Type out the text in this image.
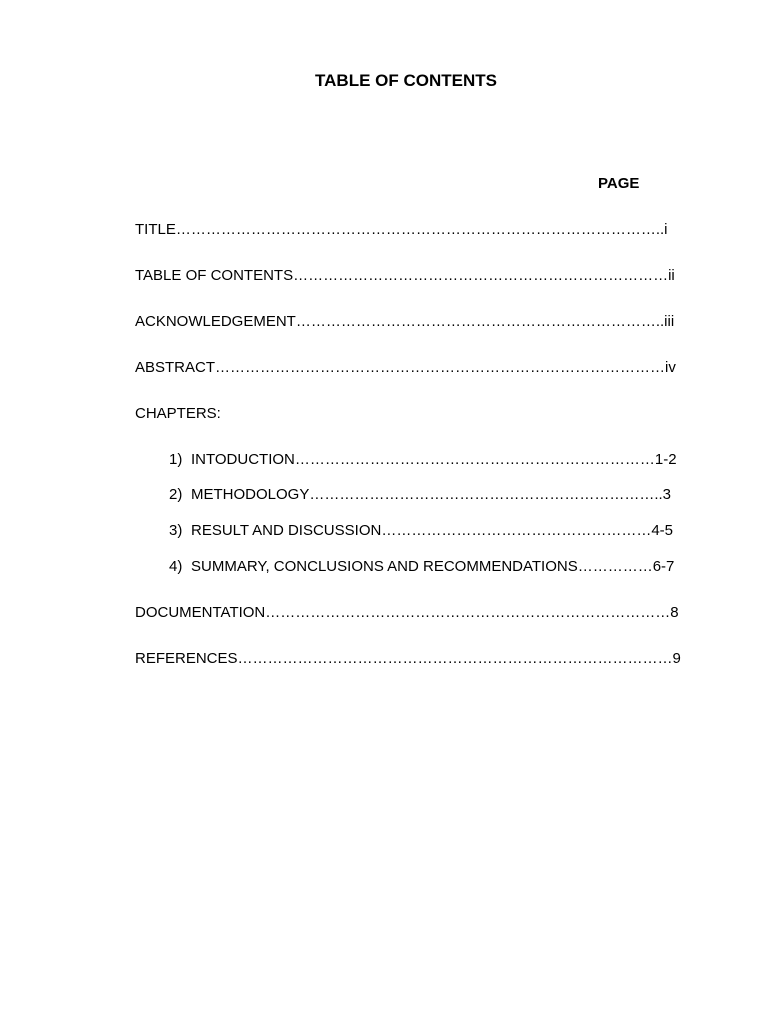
TABLE OF CONTENTS
PAGE
TITLE……………………………………………………………………………………..i
TABLE OF CONTENTS…………………………………………………………………ii
ACKNOWLEDGEMENT………………………………………………………………..iii
ABSTRACT………………………………………………………………………………iv
CHAPTERS:
1) INTODUCTION………………………………………………………………1-2
2) METHODOLOGY……………………………………………………………..3
3) RESULT AND DISCUSSION………………………………………………4-5
4) SUMMARY, CONCLUSIONS AND RECOMMENDATIONS……………6-7
DOCUMENTATION………………………………………………………………………8
REFERENCES……………………………………………………………………………9
